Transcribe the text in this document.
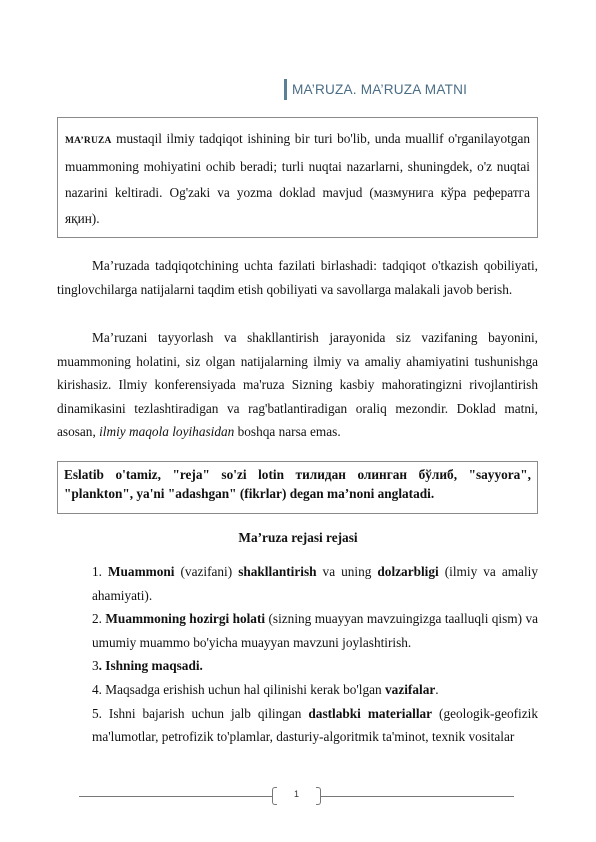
MA’RUZA. MA’RUZA MATNI
MA’RUZA mustaqil ilmiy tadqiqot ishining bir turi bo'lib, unda muallif o'rganilayotgan muammoning mohiyatini ochib beradi; turli nuqtai nazarlarni, shuningdek, o'z nuqtai nazarini keltiradi. Og'zaki va yozma doklad mavjud (мазмунига кўра рефератга яқин).
Ma’ruzada tadqiqotchining uchta fazilati birlashadi: tadqiqot o'tkazish qobiliyati, tinglovchilarga natijalarni taqdim etish qobiliyati va savollarga malakali javob berish.
Ma’ruzani tayyorlash va shakllantirish jarayonida siz vazifaning bayonini, muammoning holatini, siz olgan natijalarning ilmiy va amaliy ahamiyatini tushunishga kirishasiz. Ilmiy konferensiyada ma'ruza Sizning kasbiy mahoratingizni rivojlantirish dinamikasini tezlashtiradigan va rag'batlantiradigan oraliq mezondir. Doklad matni, asosan, ilmiy maqola loyihasidan boshqa narsa emas.
Eslatib o'tamiz, "reja" so'zi lotin тилидан олинган бўлиб, "sayyora", "plankton", ya'ni "adashgan" (fikrlar) degan ma’noni anglatadi.
Ma’ruza rejasi rejasi
1. Muammoni (vazifani) shakllantirish va uning dolzarbligi (ilmiy va amaliy ahamiyati).
2. Muammoning hozirgi holati (sizning muayyan mavzuingizga taalluqli qism) va umumiy muammo bo'yicha muayyan mavzuni joylashtirish.
3. Ishning maqsadi.
4. Maqsadga erishish uchun hal qilinishi kerak bo'lgan vazifalar.
5. Ishni bajarish uchun jalb qilingan dastlabki materiallar (geologik-geofizik ma'lumotlar, petrofizik to'plamlar, dasturiy-algoritmik ta'minot, texnik vositalar
1
